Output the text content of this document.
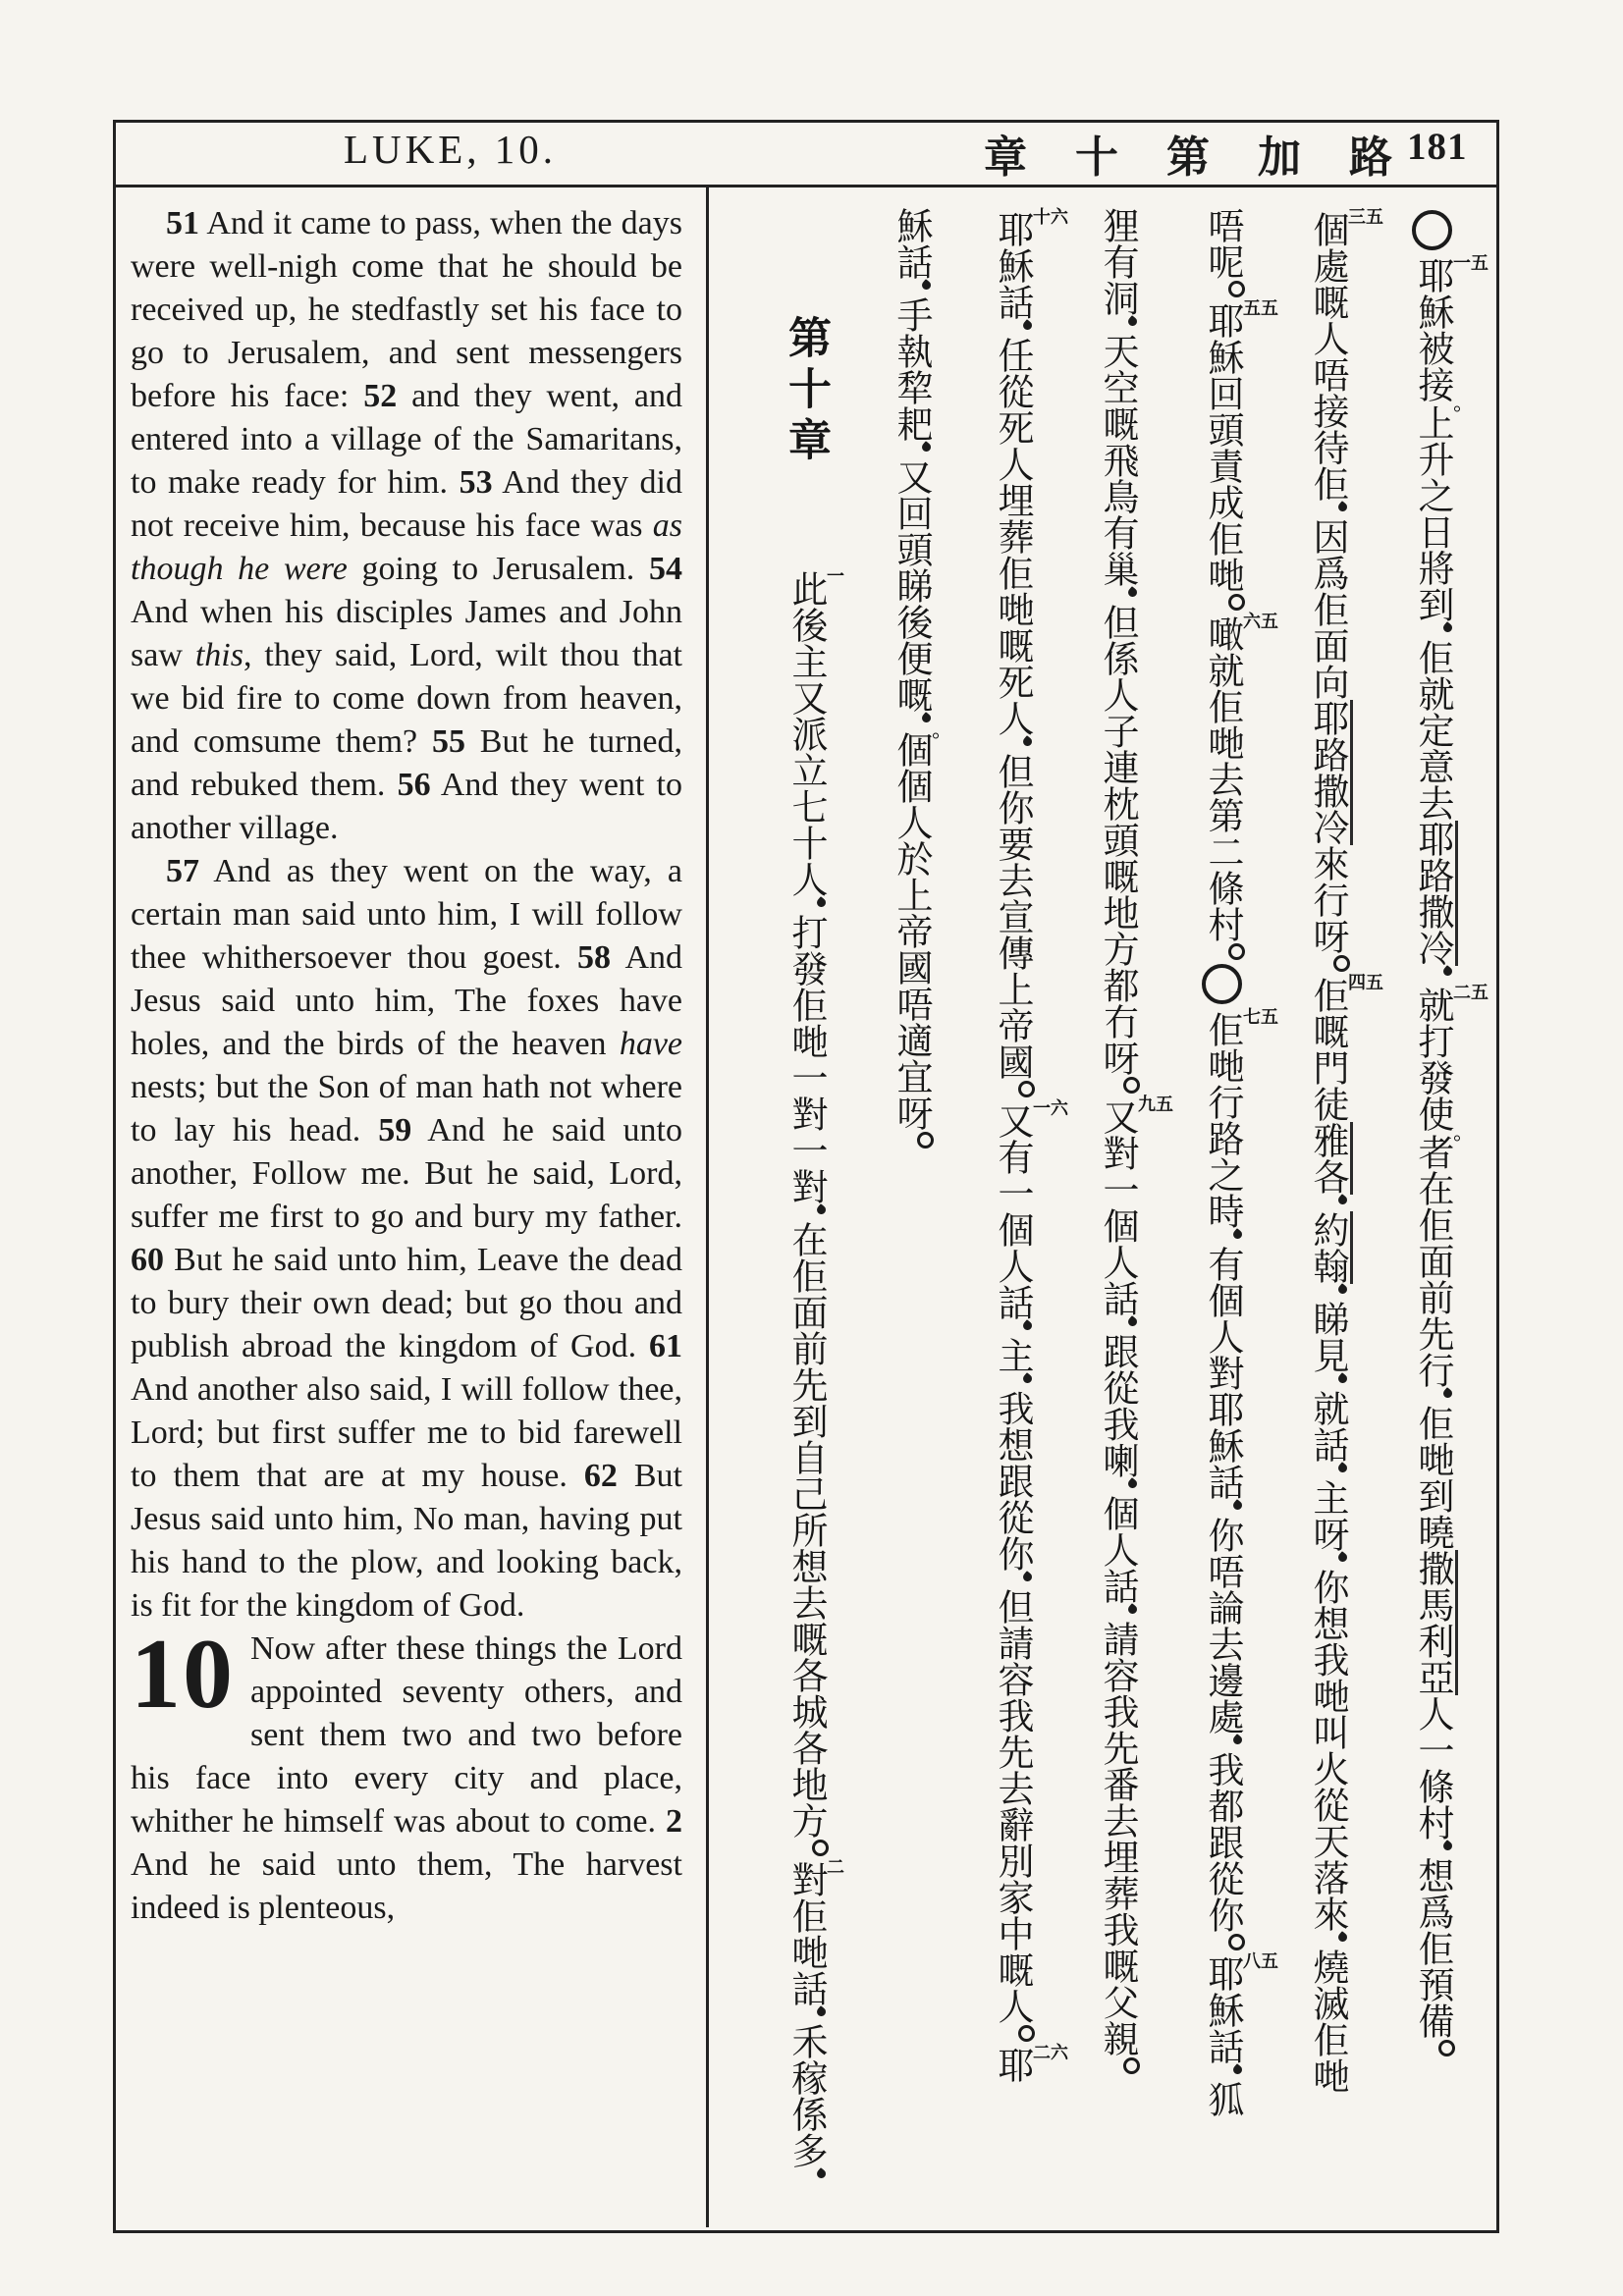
LUKE, 10.	章 十 第 加 路
181

51 And it came to pass, when the days were well-nigh come that he should be received up, he stedfastly set his face to go to Jerusalem, and sent messengers before his face: 52 and they went, and entered into a village of the Samaritans, to make ready for him. 53 And they did not receive him, because his face was as though he were going to Jerusalem. 54 And when his disciples James and John saw this, they said, Lord, wilt thou that we bid fire to come down from heaven, and comsume them? 55 But he turned, and rebuked them. 56 And they went to another village.

57 And as they went on the way, a certain man said unto him, I will follow thee whithersoever thou goest. 58 And Jesus said unto him, The foxes have holes, and the birds of the heaven have nests; but the Son of man hath not where to lay his head. 59 And he said unto another, Follow me. But he said, Lord, suffer me first to go and bury my father. 60 But he said unto him, Leave the dead to bury their own dead; but go thou and publish abroad the kingdom of God. 61 And another also said, I will follow thee, Lord; but first suffer me to bid farewell to them that are at my house. 62 But Jesus said unto him, No man, having put his hand to the plow, and looking back, is fit for the kingdom of God.

10 Now after these things the Lord appointed seventy others, and sent them two and two before his face into every city and place, whither he himself was about to come. 2 And he said unto them, The harvest indeed is plenteous,

五一耶穌被接°上升之日將到佢就定意去耶路撒冷五二就打發使°者在佢面前先行佢哋到曉撒馬利亞人一條村想爲佢預備
五三個處嘅人唔接待佢因爲佢面向耶路撒冷來行呀五四佢嘅門徒雅各約翰睇見就話主呀你想我哋叫火從天落來燒滅佢哋
唔呢五五耶穌回頭責成佢哋五六噉就佢哋去第二條村五七佢哋行路之時有個人對耶穌話你唔論去邊處我都跟從你五八耶穌話狐
狸有洞天空嘅飛鳥有巢但係人子連枕頭嘅地方都冇呀五九又對一個人話跟從我喇個人話請容我先番去埋葬我嘅父親
六十耶穌話任從死人埋葬佢哋嘅死人但你要去宣傳上帝國六一又有一個人話主我想跟從你但請容我先去辭別家中嘅人六二耶
穌話手執犂耙又回頭睇後便嘅°個個人於上帝國唔適宜呀
第十章一此後主又派立七十人打發佢哋一對一對在佢面前先到自己所想去嘅各城各地方二對佢哋話禾稼係多
